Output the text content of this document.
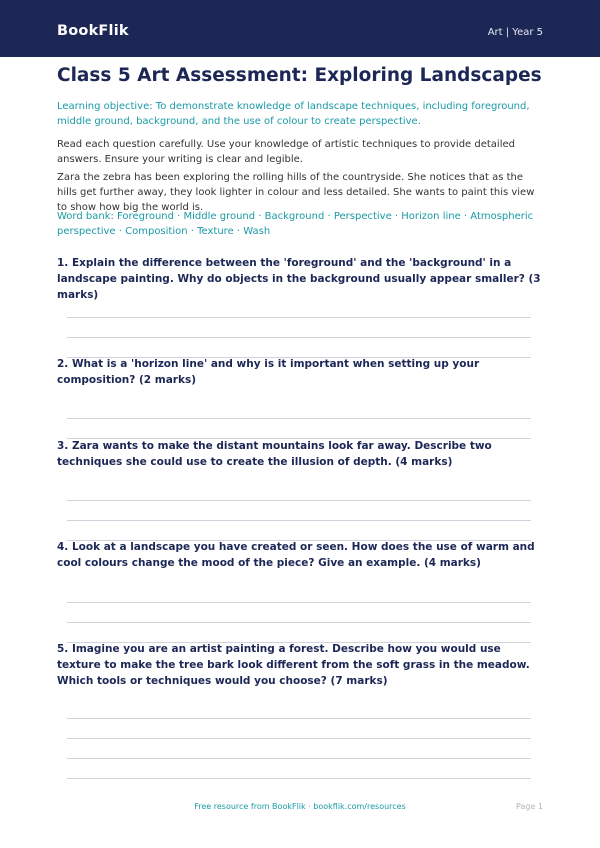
BookFlik	Art | Year 5
Class 5 Art Assessment: Exploring Landscapes

Learning objective: To demonstrate knowledge of landscape techniques, including foreground, middle ground, background, and the use of colour to create perspective.

Read each question carefully. Use your knowledge of artistic techniques to provide detailed answers. Ensure your writing is clear and legible.

Zara the zebra has been exploring the rolling hills of the countryside. She notices that as the hills get further away, they look lighter in colour and less detailed. She wants to paint this view to show how big the world is.

Word bank: Foreground · Middle ground · Background · Perspective · Horizon line · Atmospheric perspective · Composition · Texture · Wash

1. Explain the difference between the 'foreground' and the 'background' in a landscape painting. Why do objects in the background usually appear smaller? (3 marks)

2. What is a 'horizon line' and why is it important when setting up your composition? (2 marks)

3. Zara wants to make the distant mountains look far away. Describe two techniques she could use to create the illusion of depth. (4 marks)

4. Look at a landscape you have created or seen. How does the use of warm and cool colours change the mood of the piece? Give an example. (4 marks)

5. Imagine you are an artist painting a forest. Describe how you would use texture to make the tree bark look different from the soft grass in the meadow. Which tools or techniques would you choose? (7 marks)

Free resource from BookFlik · bookflik.com/resources	Page 1
